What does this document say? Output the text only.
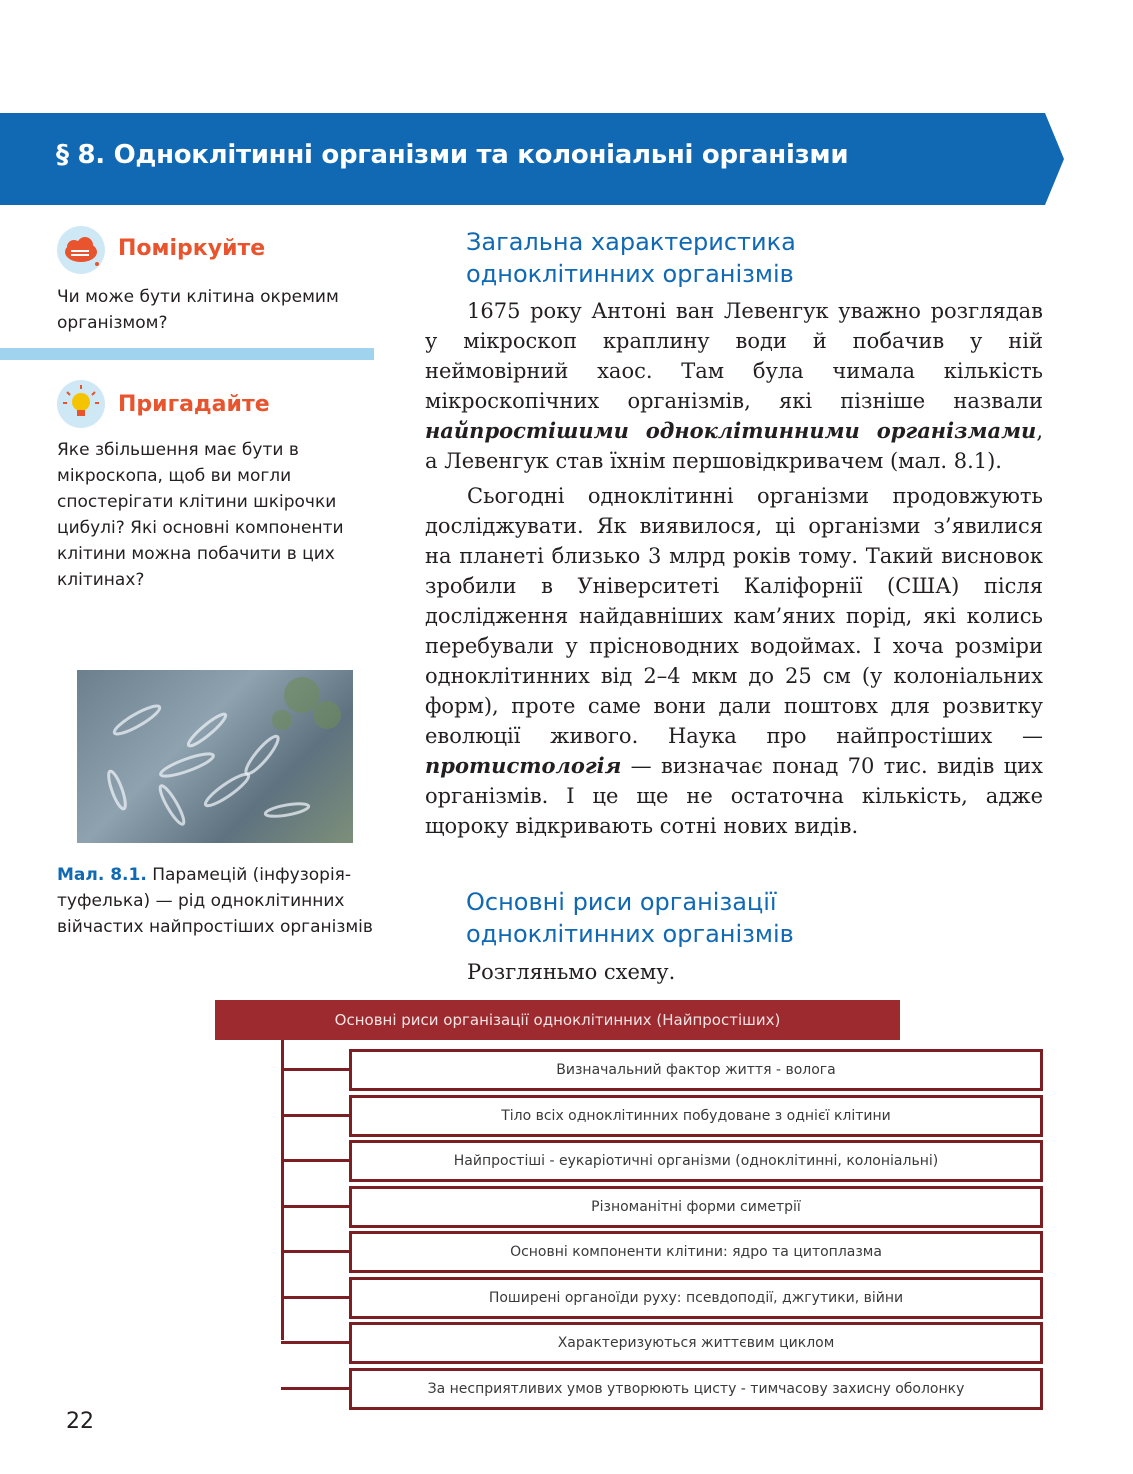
§ 8. Одноклітинні організми та колоніальні організми
Поміркуйте
Чи може бути клітина окремим організмом?
Пригадайте
Яке збільшення має бути в мікроскопа, щоб ви могли спостерігати клітини шкірочки цибулі? Які основні компоненти клітини можна побачити в цих клітинах?
Мал. 8.1. Парамецій (інфузорія-туфелька) — рід одноклітинних війчастих найпростіших організмів
Загальна характеристика одноклітинних організмів
1675 року Антоні ван Левенгук уважно розглядав у мікроскоп краплину води й побачив у ній неймовірний хаос. Там була чимала кількість мікроскопічних організмів, які пізніше назвали найпростішими одноклітинними організмами, а Левенгук став їхнім першовідкривачем (мал. 8.1).
Сьогодні одноклітинні організми продовжують досліджувати. Як виявилося, ці організми з’явилися на планеті близько 3 млрд років тому. Такий висновок зробили в Університеті Каліфорнії (США) після дослідження найдавніших кам’яних порід, які колись перебували у прісноводних водоймах. І хоча розміри одноклітинних від 2–4 мкм до 25 см (у колоніальних форм), проте саме вони дали поштовх для розвитку еволюції живого. Наука про найпростіших — протистологія — визначає понад 70 тис. видів цих організмів. І це ще не остаточна кількість, адже щороку відкривають сотні нових видів.
Основні риси організації одноклітинних організмів
Розгляньмо схему.
Основні риси організації одноклітинних (Найпростіших)
Визначальний фактор життя - волога
Тіло всіх одноклітинних побудоване з однієї клітини
Найпростіші - еукаріотичні організми (одноклітинні, колоніальні)
Різноманітні форми симетрії
Основні компоненти клітини: ядро та цитоплазма
Поширені органоїди руху: псевдоподії, джгутики, війни
Характеризуються життєвим циклом
За несприятливих умов утворюють цисту - тимчасову захисну оболонку
22
